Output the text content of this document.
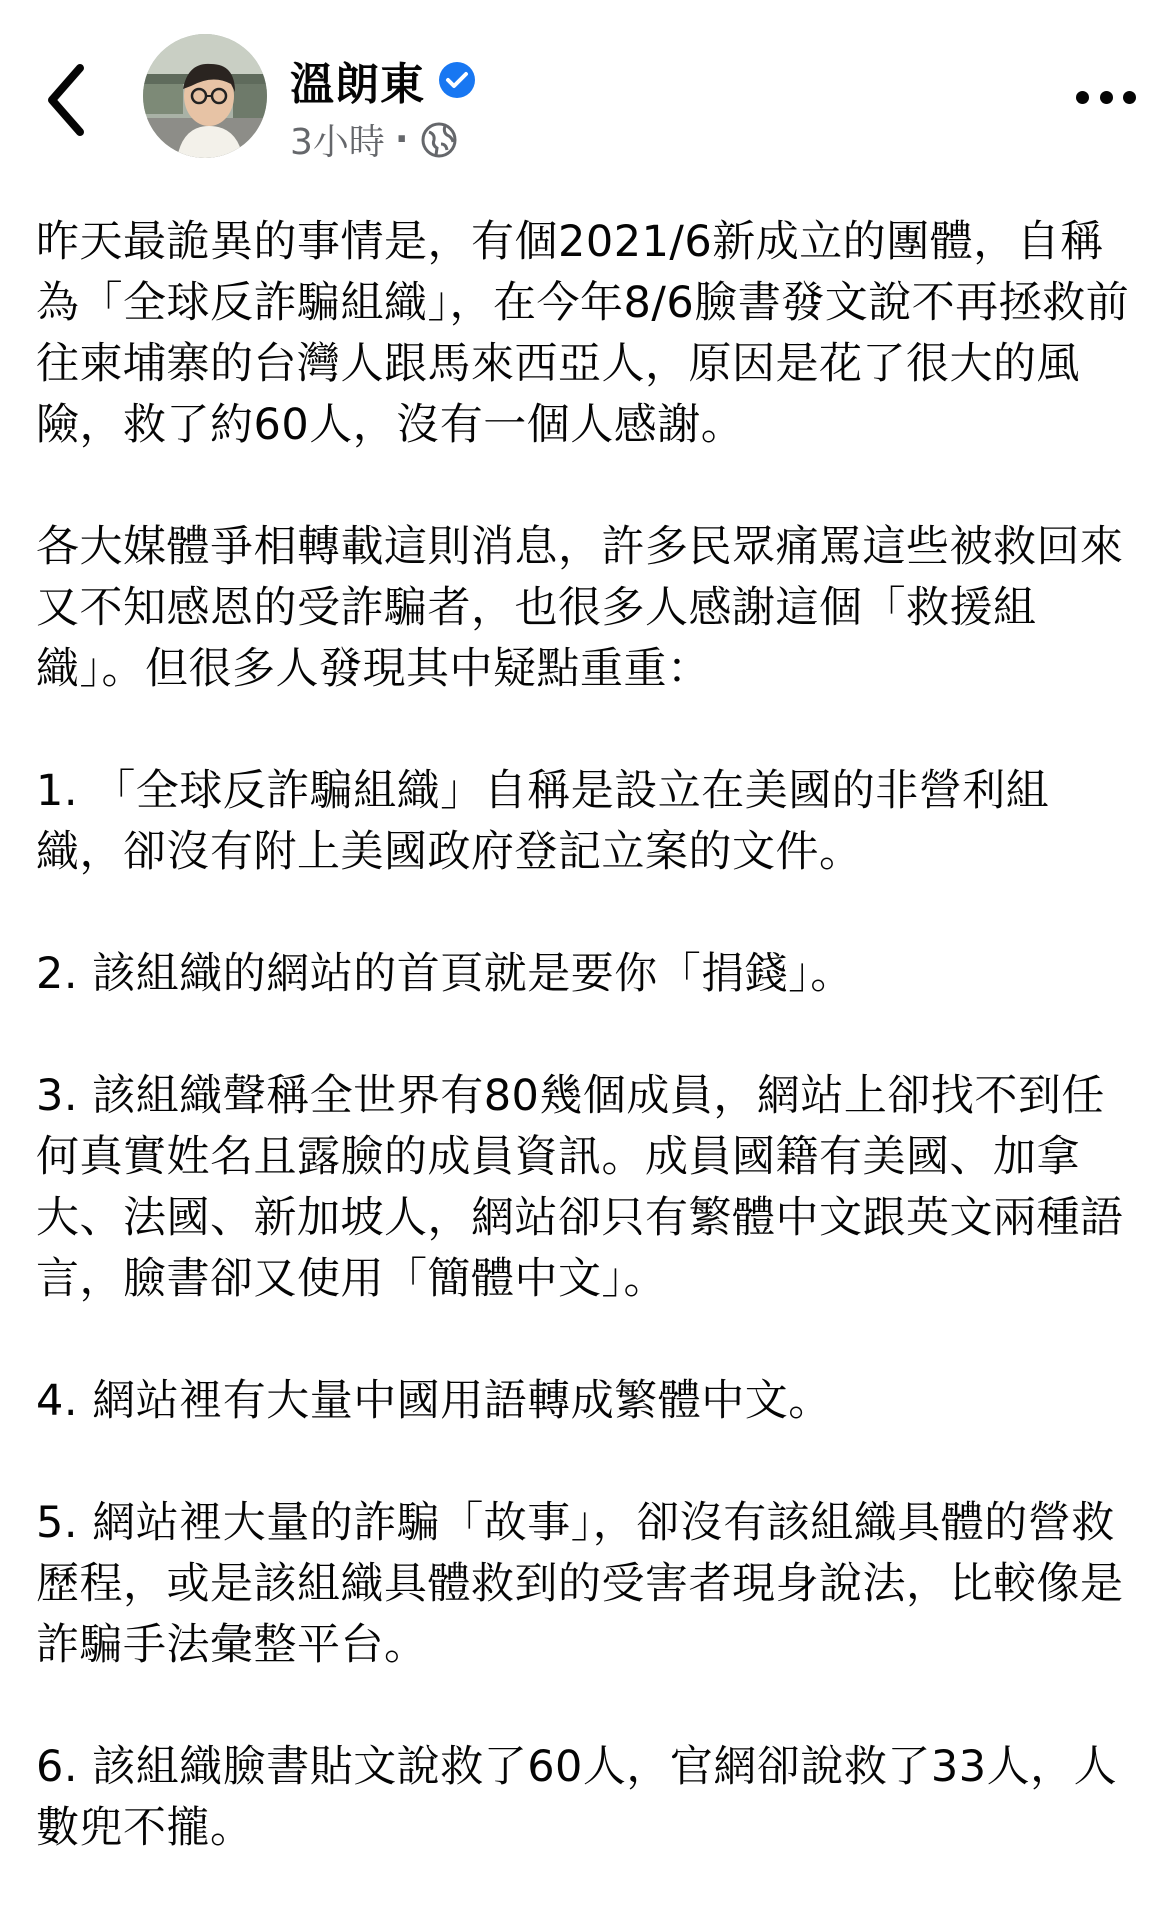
溫朗東
3小時 ·

昨天最詭異的事情是，有個2021/6新成立的團體，自稱為「全球反詐騙組織」，在今年8/6臉書發文說不再拯救前往柬埔寨的台灣人跟馬來西亞人，原因是花了很大的風險，救了約60人，沒有一個人感謝。

各大媒體爭相轉載這則消息，許多民眾痛罵這些被救回來又不知感恩的受詐騙者，也很多人感謝這個「救援組織」。但很多人發現其中疑點重重：

1. 「全球反詐騙組織」自稱是設立在美國的非營利組織，卻沒有附上美國政府登記立案的文件。

2. 該組織的網站的首頁就是要你「捐錢」。

3. 該組織聲稱全世界有80幾個成員，網站上卻找不到任何真實姓名且露臉的成員資訊。成員國籍有美國、加拿大、法國、新加坡人，網站卻只有繁體中文跟英文兩種語言，臉書卻又使用「簡體中文」。

4. 網站裡有大量中國用語轉成繁體中文。

5. 網站裡大量的詐騙「故事」，卻沒有該組織具體的營救歷程，或是該組織具體救到的受害者現身說法，比較像是詐騙手法彙整平台。

6. 該組織臉書貼文說救了60人，官網卻說救了33人，人數兜不攏。
